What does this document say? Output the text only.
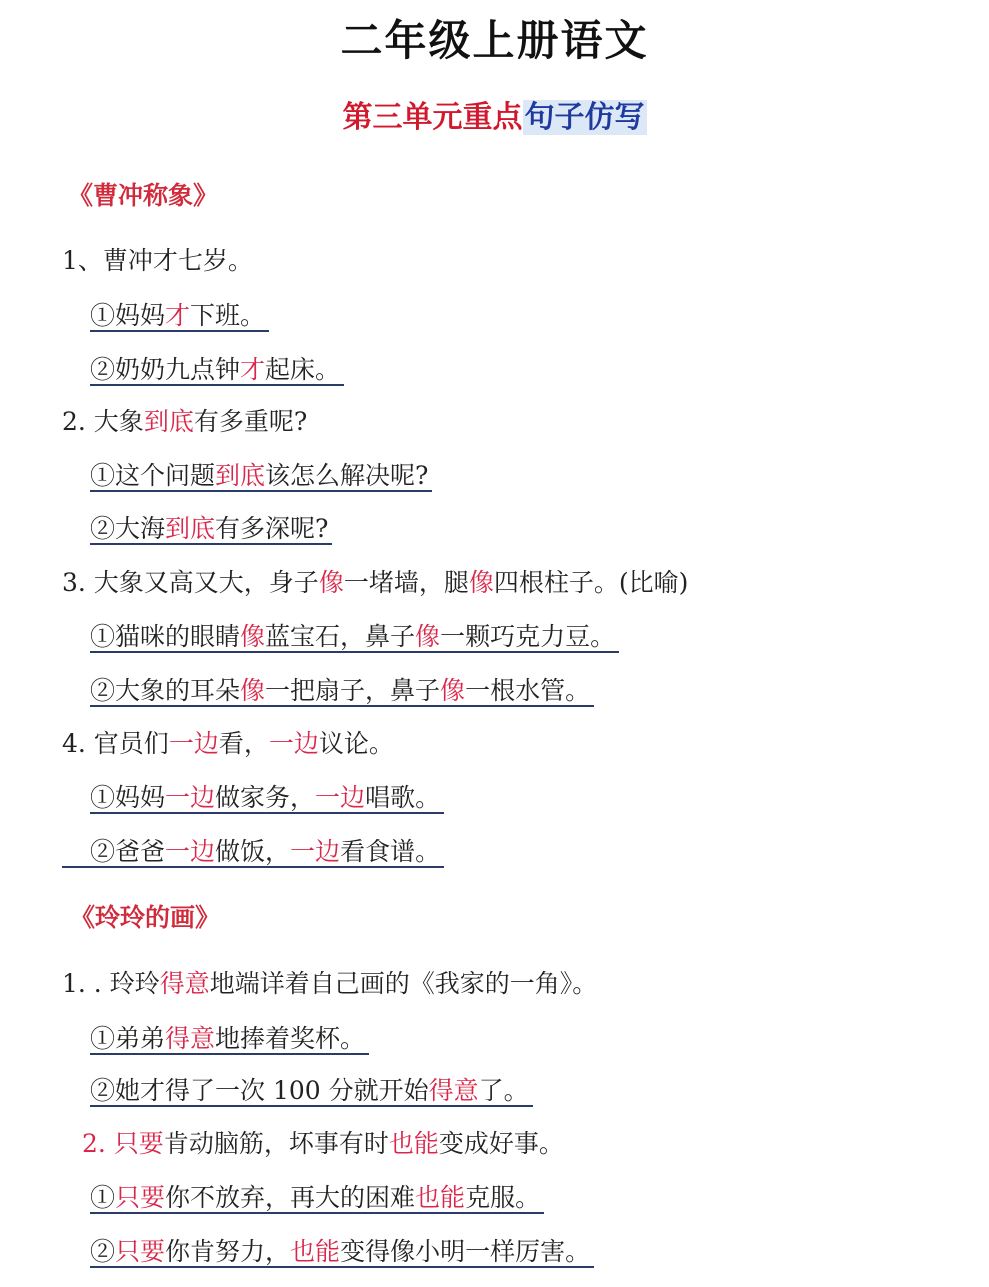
二年级上册语文
第三单元重点句子仿写
《曹冲称象》
1、曹冲才七岁。
①妈妈才下班。
②奶奶九点钟才起床。
2. 大象到底有多重呢?
①这个问题到底该怎么解决呢?
②大海到底有多深呢?
3. 大象又高又大，身子像一堵墙，腿像四根柱子。(比喻)
①猫咪的眼睛像蓝宝石，鼻子像一颗巧克力豆。
②大象的耳朵像一把扇子，鼻子像一根水管。
4. 官员们一边看，一边议论。
①妈妈一边做家务，一边唱歌。
②爸爸一边做饭，一边看食谱。
《玲玲的画》
1. . 玲玲得意地端详着自己画的《我家的一角》。
①弟弟得意地捧着奖杯。
②她才得了一次 100 分就开始得意了。
2. 只要肯动脑筋，坏事有时也能变成好事。
①只要你不放弃，再大的困难也能克服。
②只要你肯努力，也能变得像小明一样厉害。
